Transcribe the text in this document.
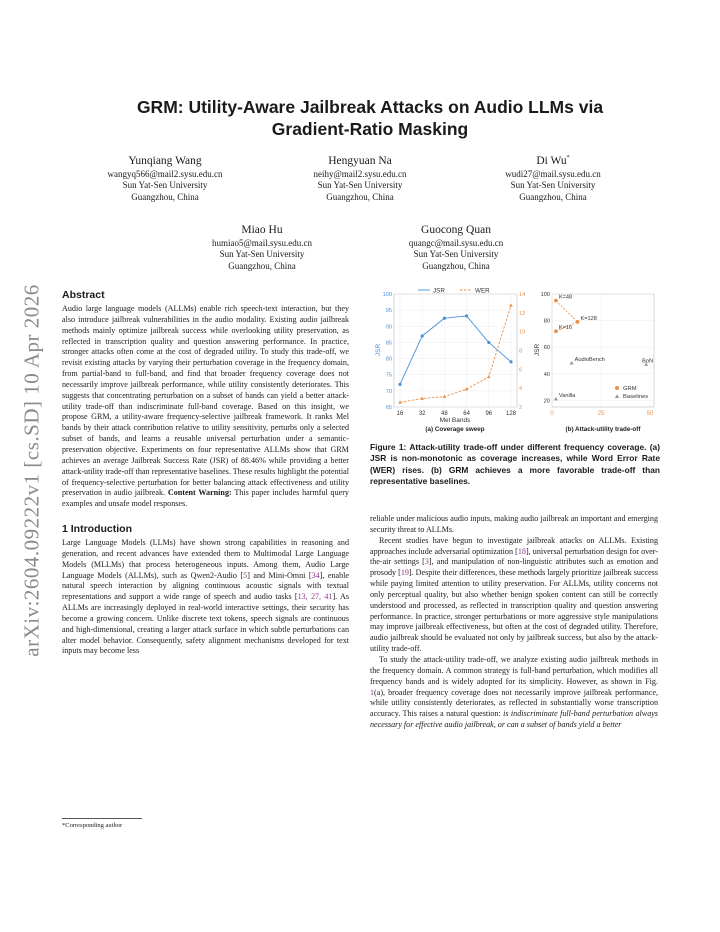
arXiv:2604.09222v1 [cs.SD] 10 Apr 2026
GRM: Utility-Aware Jailbreak Attacks on Audio LLMs via
Gradient-Ratio Masking
Yunqiang Wang
wangyq566@mail2.sysu.edu.cn
Sun Yat-Sen University
Guangzhou, China
Hengyuan Na
neihy@mail2.sysu.edu.cn
Sun Yat-Sen University
Guangzhou, China
Di Wu*
wudi27@mail.sysu.edu.cn
Sun Yat-Sen University
Guangzhou, China
Miao Hu
humiao5@mail.sysu.edu.cn
Sun Yat-Sen University
Guangzhou, China
Guocong Quan
quangc@mail.sysu.edu.cn
Sun Yat-Sen University
Guangzhou, China
Abstract

Audio large language models (ALLMs) enable rich speech-text interaction, but they also introduce jailbreak vulnerabilities in the audio modality. Existing audio jailbreak methods mainly optimize jailbreak success while overlooking utility preservation, as reflected in transcription quality and question answering performance. In practice, stronger attacks often come at the cost of degraded utility. To study this trade-off, we revisit existing attacks by varying their perturbation coverage in the frequency domain, from partial-band to full-band, and find that broader frequency coverage does not necessarily improve jailbreak performance, while utility consistently deteriorates. This suggests that concentrating perturbation on a subset of bands can yield a better attack-utility trade-off than indiscriminate full-band coverage. Based on this insight, we propose GRM, a utility-aware frequency-selective jailbreak framework. It ranks Mel bands by their attack contribution relative to utility sensitivity, perturbs only a selected subset of bands, and learns a reusable universal perturbation under a semantic-preservation objective. Experiments on four representative ALLMs show that GRM achieves an average Jailbreak Success Rate (JSR) of 88.46% while providing a better attack-utility trade-off than representative baselines. These results highlight the potential of frequency-selective perturbation for better balancing attack effectiveness and utility preservation in audio jailbreak. Content Warning: This paper includes harmful query examples and unsafe model responses.

1 Introduction

Large Language Models (LLMs) have shown strong capabilities in reasoning and generation, and recent advances have extended them to Multimodal Large Language Models (MLLMs) that process heterogeneous inputs. Among them, Audio Large Language Models (ALLMs), such as Qwen2-Audio [5] and Mini-Omni [34], enable natural speech interaction by aligning continuous acoustic signals with textual representations and support a wide range of speech and audio tasks [13, 27, 41]. As ALLMs are increasingly deployed in real-world interactive settings, their security has become a growing concern. Unlike discrete text tokens, speech signals are continuous and high-dimensional, creating a larger attack surface in which subtle perturbations can alter model behavior. Consequently, safety alignment mechanisms developed for text inputs may become less

*Corresponding author
65
70
75
80
85
90
95
100
2
4
6
8
10
12
14
16	32	48	64	96 128
JSR
Mel Bands
(a) Coverage sweep
JSR	WER
20
40
60
80
100
0	25	50
K=48
K=128
K=16
AudioBench	BoN
Vanilla
JSR
(b) Attack-utility trade-off
GRM
Baselines
Figure 1: Attack-utility trade-off under different frequency coverage. (a) JSR is non-monotonic as coverage increases, while Word Error Rate (WER) rises. (b) GRM achieves a more favorable trade-off than representative baselines.

reliable under malicious audio inputs, making audio jailbreak an important and emerging security threat to ALLMs.

Recent studies have begun to investigate jailbreak attacks on ALLMs. Existing approaches include adversarial optimization [18], universal perturbation design for over-the-air settings [3], and manipulation of non-linguistic attributes such as emotion and prosody [19]. Despite their differences, these methods largely prioritize jailbreak success while paying limited attention to utility preservation. For ALLMs, utility concerns not only perceptual quality, but also whether benign spoken content can still be correctly understood and processed, as reflected in transcription quality and question answering performance. In practice, stronger perturbations or more aggressive style manipulations may improve jailbreak effectiveness, but often at the cost of degraded utility. Therefore, audio jailbreak should be evaluated not only by jailbreak success, but also by the attack-utility trade-off.

To study the attack-utility trade-off, we analyze existing audio jailbreak methods in the frequency domain. A common strategy is full-band perturbation, which modifies all frequency bands and is widely adopted for its simplicity. However, as shown in Fig. 1(a), broader frequency coverage does not necessarily improve jailbreak performance, while utility consistently deteriorates, as reflected in substantially worse transcription accuracy. This raises a natural question: is indiscriminate full-band perturbation always necessary for effective audio jailbreak, or can a subset of bands yield a better
